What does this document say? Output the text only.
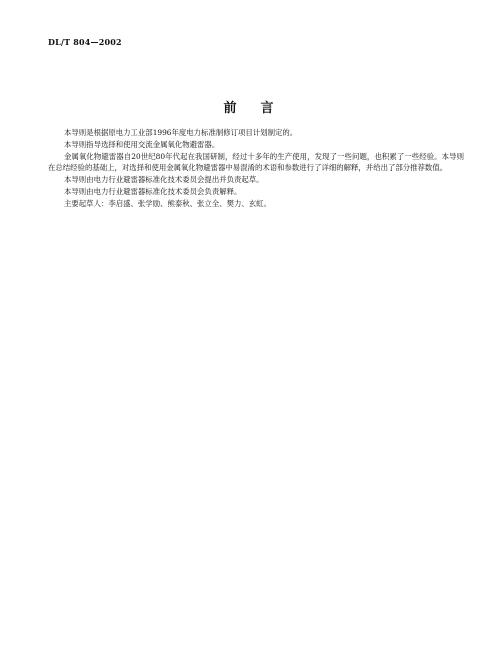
DL/T 804—2002
前言

本导则是根据原电力工业部1996年度电力标准制修订项目计划制定的。

本导则指导选择和使用交流金属氧化物避雷器。

金属氧化物避雷器自20世纪80年代起在我国研制，经过十多年的生产使用，发现了一些问题，也积累了一些经验。本导则在总结经验的基础上，对选择和使用金属氧化物避雷器中易混淆的术语和参数进行了详细的解释，并给出了部分推荐数值。

本导则由电力行业避雷器标准化技术委员会提出并负责起草。

本导则由电力行业避雷器标准化技术委员会负责解释。

主要起草人：李启盛、张学励、熊泰秋、张立全、樊力、玄虹。
